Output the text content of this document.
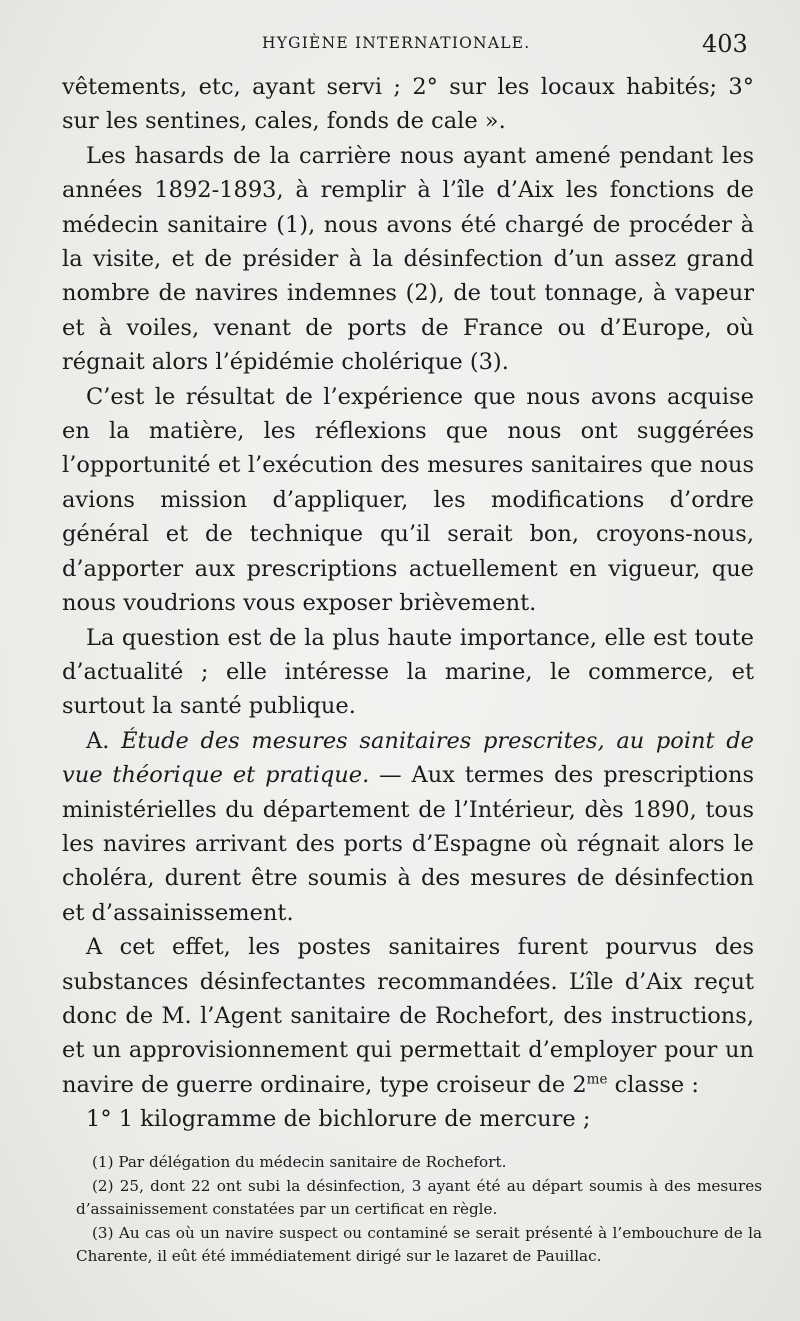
HYGIÈNE INTERNATIONALE.	403

vêtements, etc, ayant servi ; 2° sur les locaux habités; 3° sur les sentines, cales, fonds de cale ».

Les hasards de la carrière nous ayant amené pendant les années 1892-1893, à remplir à l’île d’Aix les fonctions de médecin sanitaire (1), nous avons été chargé de procéder à la visite, et de présider à la désinfection d’un assez grand nombre de navires indemnes (2), de tout tonnage, à vapeur et à voiles, venant de ports de France ou d’Europe, où régnait alors l’épidémie cholérique (3).

C’est le résultat de l’expérience que nous avons acquise en la matière, les réflexions que nous ont suggérées l’opportunité et l’exécution des mesures sanitaires que nous avions mission d’appliquer, les modifications d’ordre général et de technique qu’il serait bon, croyons-nous, d’apporter aux prescriptions actuellement en vigueur, que nous voudrions vous exposer brièvement.

La question est de la plus haute importance, elle est toute d’actualité ; elle intéresse la marine, le commerce, et surtout la santé publique.

A. Étude des mesures sanitaires prescrites, au point de vue théorique et pratique. — Aux termes des prescriptions ministérielles du département de l’Intérieur, dès 1890, tous les navires arrivant des ports d’Espagne où régnait alors le choléra, durent être soumis à des mesures de désinfection et d’assainissement.

A cet effet, les postes sanitaires furent pourvus des substances désinfectantes recommandées. L’île d’Aix reçut donc de M. l’Agent sanitaire de Rochefort, des instructions, et un approvisionnement qui permettait d’employer pour un navire de guerre ordinaire, type croiseur de $2^{me}$ classe :

1° 1 kilogramme de bichlorure de mercure ;

(1) Par délégation du médecin sanitaire de Rochefort.

(2) 25, dont 22 ont subi la désinfection, 3 ayant été au départ soumis à des mesures d’assainissement constatées par un certificat en règle.

(3) Au cas où un navire suspect ou contaminé se serait présenté à l’embouchure de la Charente, il eût été immédiatement dirigé sur le lazaret de Pauillac.
